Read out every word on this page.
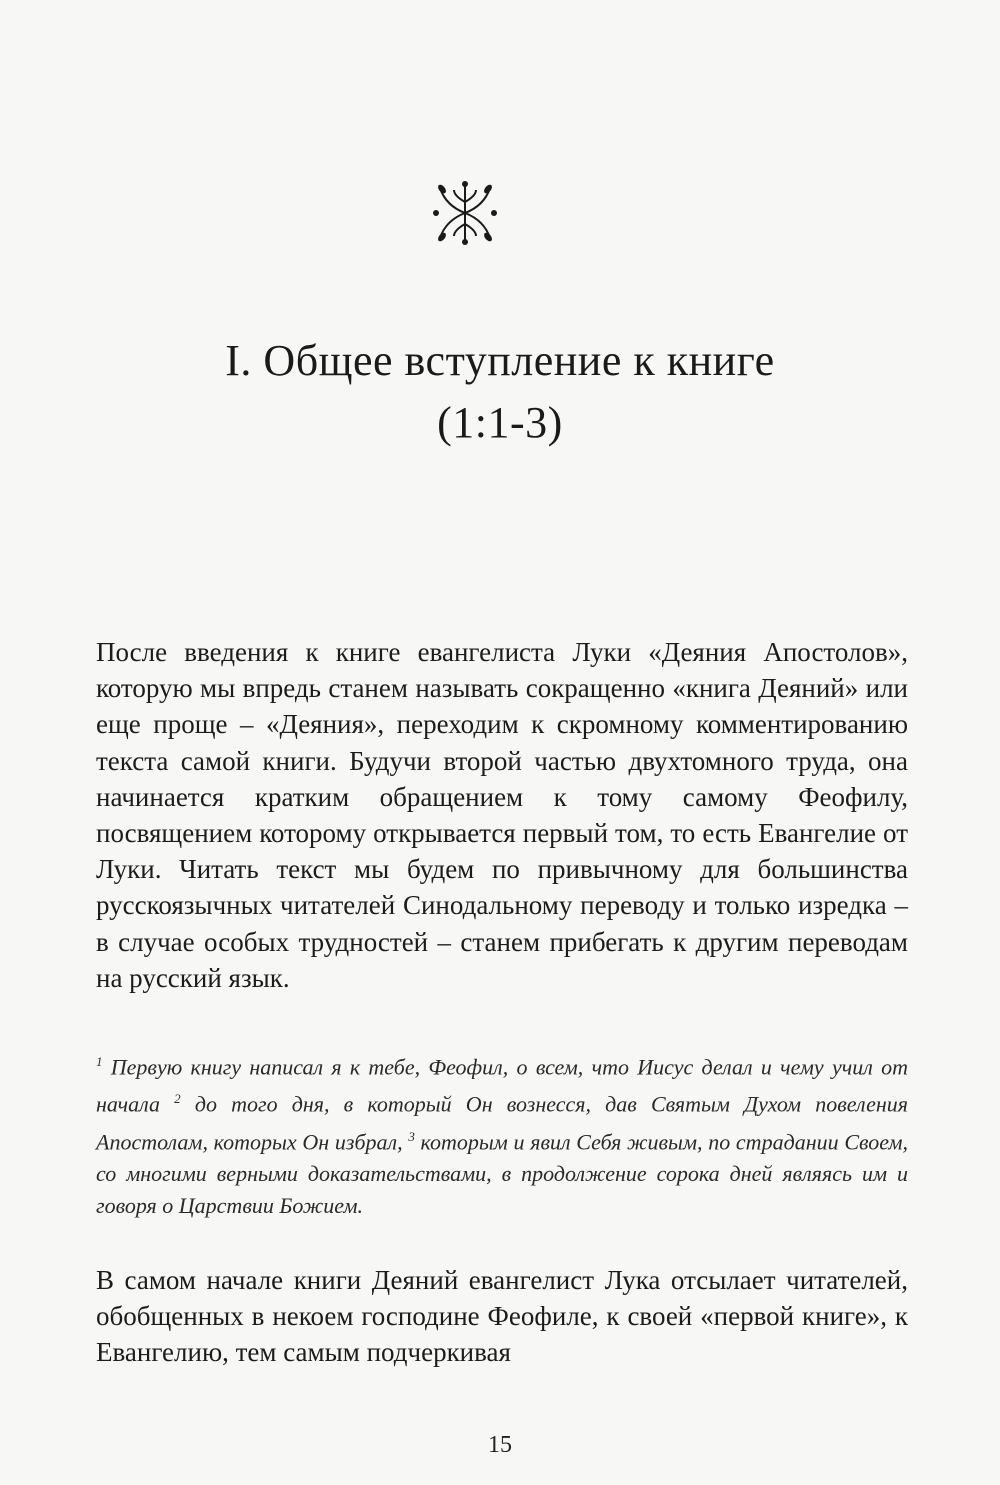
I. Общее вступление к книге
(1:1-3)

После введения к книге евангелиста Луки «Деяния Апостолов», которую мы впредь станем называть сокращенно «книга Деяний» или еще проще – «Деяния», переходим к скромному комментированию текста самой книги. Будучи второй частью двухтомного труда, она начинается кратким обращением к тому самому Феофилу, посвящением которому открывается первый том, то есть Евангелие от Луки. Читать текст мы будем по привычному для большинства русскоязычных читателей Синодальному переводу и только изредка – в случае особых трудностей – станем прибегать к другим переводам на русский язык.

$^1$ Первую книгу написал я к тебе, Феофил, о всем, что Иисус делал и чему учил от начала $^2$ до того дня, в который Он вознесся, дав Святым Духом повеления Апостолам, которых Он избрал, $^3$ которым и явил Себя живым, по страдании Своем, со многими верными доказательствами, в продолжение сорока дней являясь им и говоря о Царствии Божием.

В самом начале книги Деяний евангелист Лука отсылает читателей, обобщенных в некоем господине Феофиле, к своей «первой книге», к Евангелию, тем самым подчеркивая

15
